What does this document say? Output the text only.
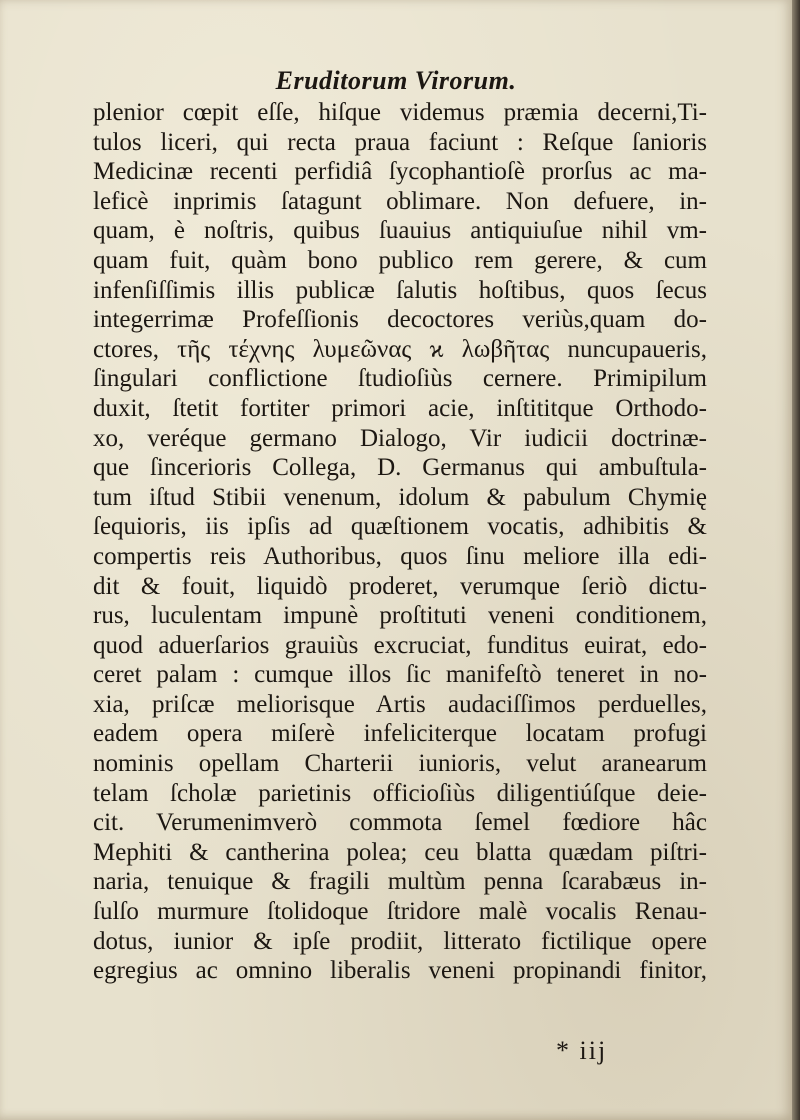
Eruditorum Virorum.
plenior cœpit eſſe, hiſque videmus præmia decerni,Ti-
tulos liceri, qui recta praua faciunt : Reſque ſanioris
Medicinæ recenti perfidiâ ſycophantioſè prorſus ac ma-
leficè inprimis ſatagunt oblimare. Non defuere, in-
quam, è noſtris, quibus ſuauius antiquiuſue nihil vm-
quam fuit, quàm bono publico rem gerere, & cum
infenſiſſimis illis publicæ ſalutis hoſtibus, quos ſecus
integerrimæ Profeſſionis decoctores veriùs,quam do-
ctores, τῆς τέχνης λυμεῶνας ϰ λωβῆτας nuncupaueris,
ſingulari conflictione ſtudioſiùs cernere. Primipilum
duxit, ſtetit fortiter primori acie, inſtititque Orthodo-
xo, veréque germano Dialogo, Vir iudicii doctrinæ-
que ſincerioris Collega, D. Germanus qui ambuſtula-
tum iſtud Stibii venenum, idolum & pabulum Chymię
ſequioris, iis ipſis ad quæſtionem vocatis, adhibitis &
compertis reis Authoribus, quos ſinu meliore illa edi-
dit & fouit, liquidò proderet, verumque ſeriò dictu-
rus, luculentam impunè proſtituti veneni conditionem,
quod aduerſarios grauiùs excruciat, funditus euirat, edo-
ceret palam : cumque illos ſic manifeſtò teneret in no-
xia, priſcæ meliorisque Artis audaciſſimos perduelles,
eadem opera miſerè infeliciterque locatam profugi
nominis opellam Charterii iunioris, velut aranearum
telam ſcholæ parietinis officioſiùs diligentiúſque deie-
cit. Verumenimverò commota ſemel fœdiore hâc
Mephiti & cantherina polea; ceu blatta quædam piſtri-
naria, tenuique & fragili multùm penna ſcarabæus in-
ſulſo murmure ſtolidoque ſtridore malè vocalis Renau-
dotus, iunior & ipſe prodiit, litterato fictilique opere
egregius ac omnino liberalis veneni propinandi finitor,
* iij
